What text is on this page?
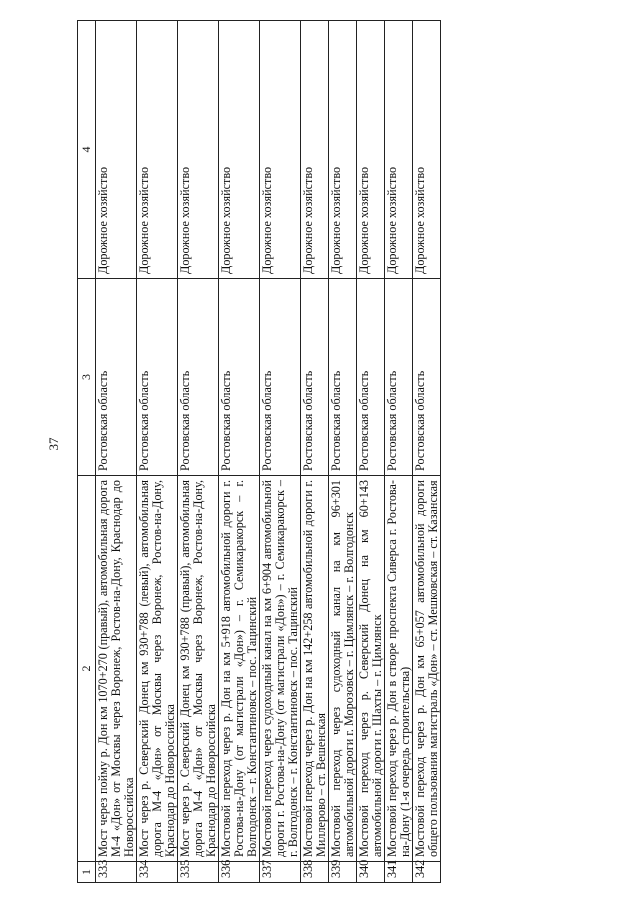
37
1	2	3	4
333	Мост через пойму р. Дон км 1070+270 (правый), автомобильная дорога М-4 «Дон» от Москвы через Воронеж, Ростов-на-Дону, Краснодар до Новороссийска	Ростовская область	Дорожное хозяйство
334	Мост через р. Северский Донец км 930+788 (левый), автомобильная дорога М-4 «Дон» от Москвы через Воронеж, Ростов-на-Дону, Краснодар до Новороссийска	Ростовская область	Дорожное хозяйство
335	Мост через р. Северский Донец км 930+788 (правый), автомобильная дорога М-4 «Дон» от Москвы через Воронеж, Ростов-на-Дону, Краснодар до Новороссийска	Ростовская область	Дорожное хозяйство
336	Мостовой переход через р. Дон на км 5+918 автомобильной дороги г. Ростова-на-Дону (от магистрали «Дон») – г. Семикаракорск – г. Волгодонск – г. Константиновск – пос. Тацинский	Ростовская область	Дорожное хозяйство
337	Мостовой переход через судоходный канал на км 6+904 автомобильной дороги г. Ростова-на-Дону (от магистрали «Дон») – г. Семикаракорск – г. Волгодонск – г. Константиновск – пос. Тацинский	Ростовская область	Дорожное хозяйство
338	Мостовой переход через р. Дон на км 142+258 автомобильной дороги г. Миллерово – ст. Вешенская	Ростовская область	Дорожное хозяйство
339	Мостовой переход через судоходный канал на км 96+301 автомобильной дороги г. Морозовск – г. Цимлянск – г. Волгодонск	Ростовская область	Дорожное хозяйство
340	Мостовой переход через р. Северский Донец на км 60+143 автомобильной дороги г. Шахты – г. Цимлянск	Ростовская область	Дорожное хозяйство
341	Мостовой переход через р. Дон в створе проспекта Сиверса г. Ростова-на-Дону (1-я очередь строительства)	Ростовская область	Дорожное хозяйство
342	Мостовой переход через р. Дон км 65+057 автомобильной дороги общего пользования магистраль «Дон» – ст. Мешковская – ст. Казанская	Ростовская область	Дорожное хозяйство
